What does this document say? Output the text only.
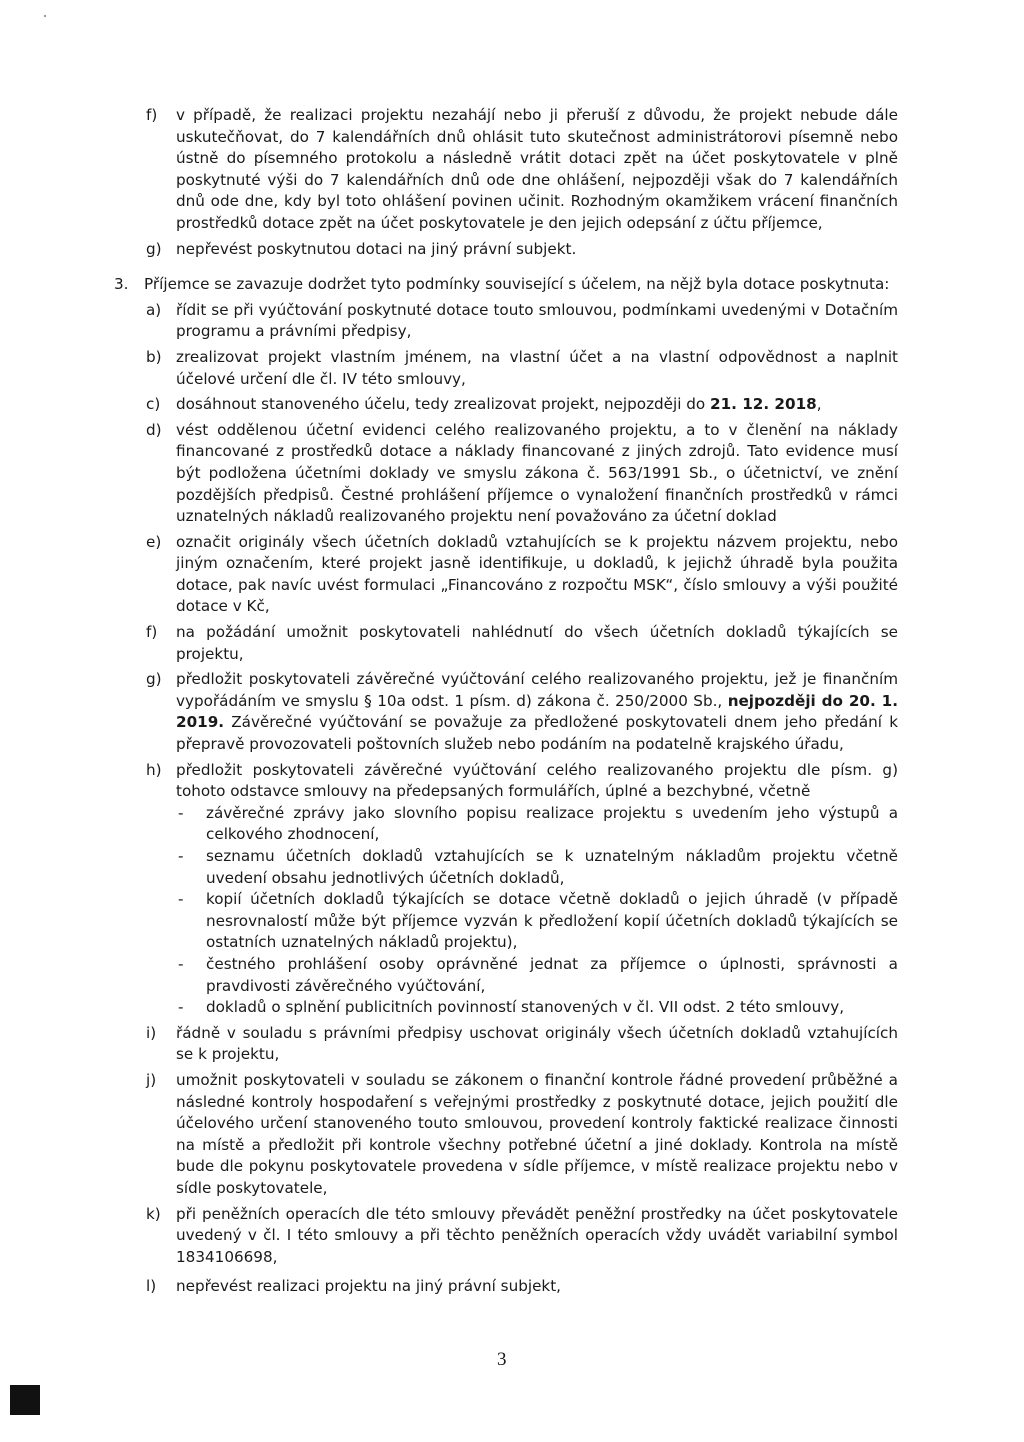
f) v případě, že realizaci projektu nezahájí nebo ji přeruší z důvodu, že projekt nebude dále uskutečňovat, do 7 kalendářních dnů ohlásit tuto skutečnost administrátorovi písemně nebo ústně do písemného protokolu a následně vrátit dotaci zpět na účet poskytovatele v plně poskytnuté výši do 7 kalendářních dnů ode dne ohlášení, nejpozději však do 7 kalendářních dnů ode dne, kdy byl toto ohlášení povinen učinit. Rozhodným okamžikem vrácení finančních prostředků dotace zpět na účet poskytovatele je den jejich odepsání z účtu příjemce,
g) nepřevést poskytnutou dotaci na jiný právní subjekt.
3. Příjemce se zavazuje dodržet tyto podmínky související s účelem, na nějž byla dotace poskytnuta:
a) řídit se při vyúčtování poskytnuté dotace touto smlouvou, podmínkami uvedenými v Dotačním programu a právními předpisy,
b) zrealizovat projekt vlastním jménem, na vlastní účet a na vlastní odpovědnost a naplnit účelové určení dle čl. IV této smlouvy,
c) dosáhnout stanoveného účelu, tedy zrealizovat projekt, nejpozději do 21. 12. 2018,
d) vést oddělenou účetní evidenci celého realizovaného projektu, a to v členění na náklady financované z prostředků dotace a náklady financované z jiných zdrojů. Tato evidence musí být podložena účetními doklady ve smyslu zákona č. 563/1991 Sb., o účetnictví, ve znění pozdějších předpisů. Čestné prohlášení příjemce o vynaložení finančních prostředků v rámci uznatelných nákladů realizovaného projektu není považováno za účetní doklad
e) označit originály všech účetních dokladů vztahujících se k projektu názvem projektu, nebo jiným označením, které projekt jasně identifikuje, u dokladů, k jejichž úhradě byla použita dotace, pak navíc uvést formulaci „Financováno z rozpočtu MSK“, číslo smlouvy a výši použité dotace v Kč,
f) na požádání umožnit poskytovateli nahlédnutí do všech účetních dokladů týkajících se projektu,
g) předložit poskytovateli závěrečné vyúčtování celého realizovaného projektu, jež je finančním vypořádáním ve smyslu § 10a odst. 1 písm. d) zákona č. 250/2000 Sb., nejpozději do 20. 1. 2019. Závěrečné vyúčtování se považuje za předložené poskytovateli dnem jeho předání k přepravě provozovateli poštovních služeb nebo podáním na podatelně krajského úřadu,
h) předložit poskytovateli závěrečné vyúčtování celého realizovaného projektu dle písm. g) tohoto odstavce smlouvy na předepsaných formulářích, úplné a bezchybné, včetně
- závěrečné zprávy jako slovního popisu realizace projektu s uvedením jeho výstupů a celkového zhodnocení,
- seznamu účetních dokladů vztahujících se k uznatelným nákladům projektu včetně uvedení obsahu jednotlivých účetních dokladů,
- kopií účetních dokladů týkajících se dotace včetně dokladů o jejich úhradě (v případě nesrovnalostí může být příjemce vyzván k předložení kopií účetních dokladů týkajících se ostatních uznatelných nákladů projektu),
- čestného prohlášení osoby oprávněné jednat za příjemce o úplnosti, správnosti a pravdivosti závěrečného vyúčtování,
- dokladů o splnění publicitních povinností stanovených v čl. VII odst. 2 této smlouvy,
i) řádně v souladu s právními předpisy uschovat originály všech účetních dokladů vztahujících se k projektu,
j) umožnit poskytovateli v souladu se zákonem o finanční kontrole řádné provedení průběžné a následné kontroly hospodaření s veřejnými prostředky z poskytnuté dotace, jejich použití dle účelového určení stanoveného touto smlouvou, provedení kontroly faktické realizace činnosti na místě a předložit při kontrole všechny potřebné účetní a jiné doklady. Kontrola na místě bude dle pokynu poskytovatele provedena v sídle příjemce, v místě realizace projektu nebo v sídle poskytovatele,
k) při peněžních operacích dle této smlouvy převádět peněžní prostředky na účet poskytovatele uvedený v čl. I této smlouvy a při těchto peněžních operacích vždy uvádět variabilní symbol 1834106698,
l) nepřevést realizaci projektu na jiný právní subjekt,
3
